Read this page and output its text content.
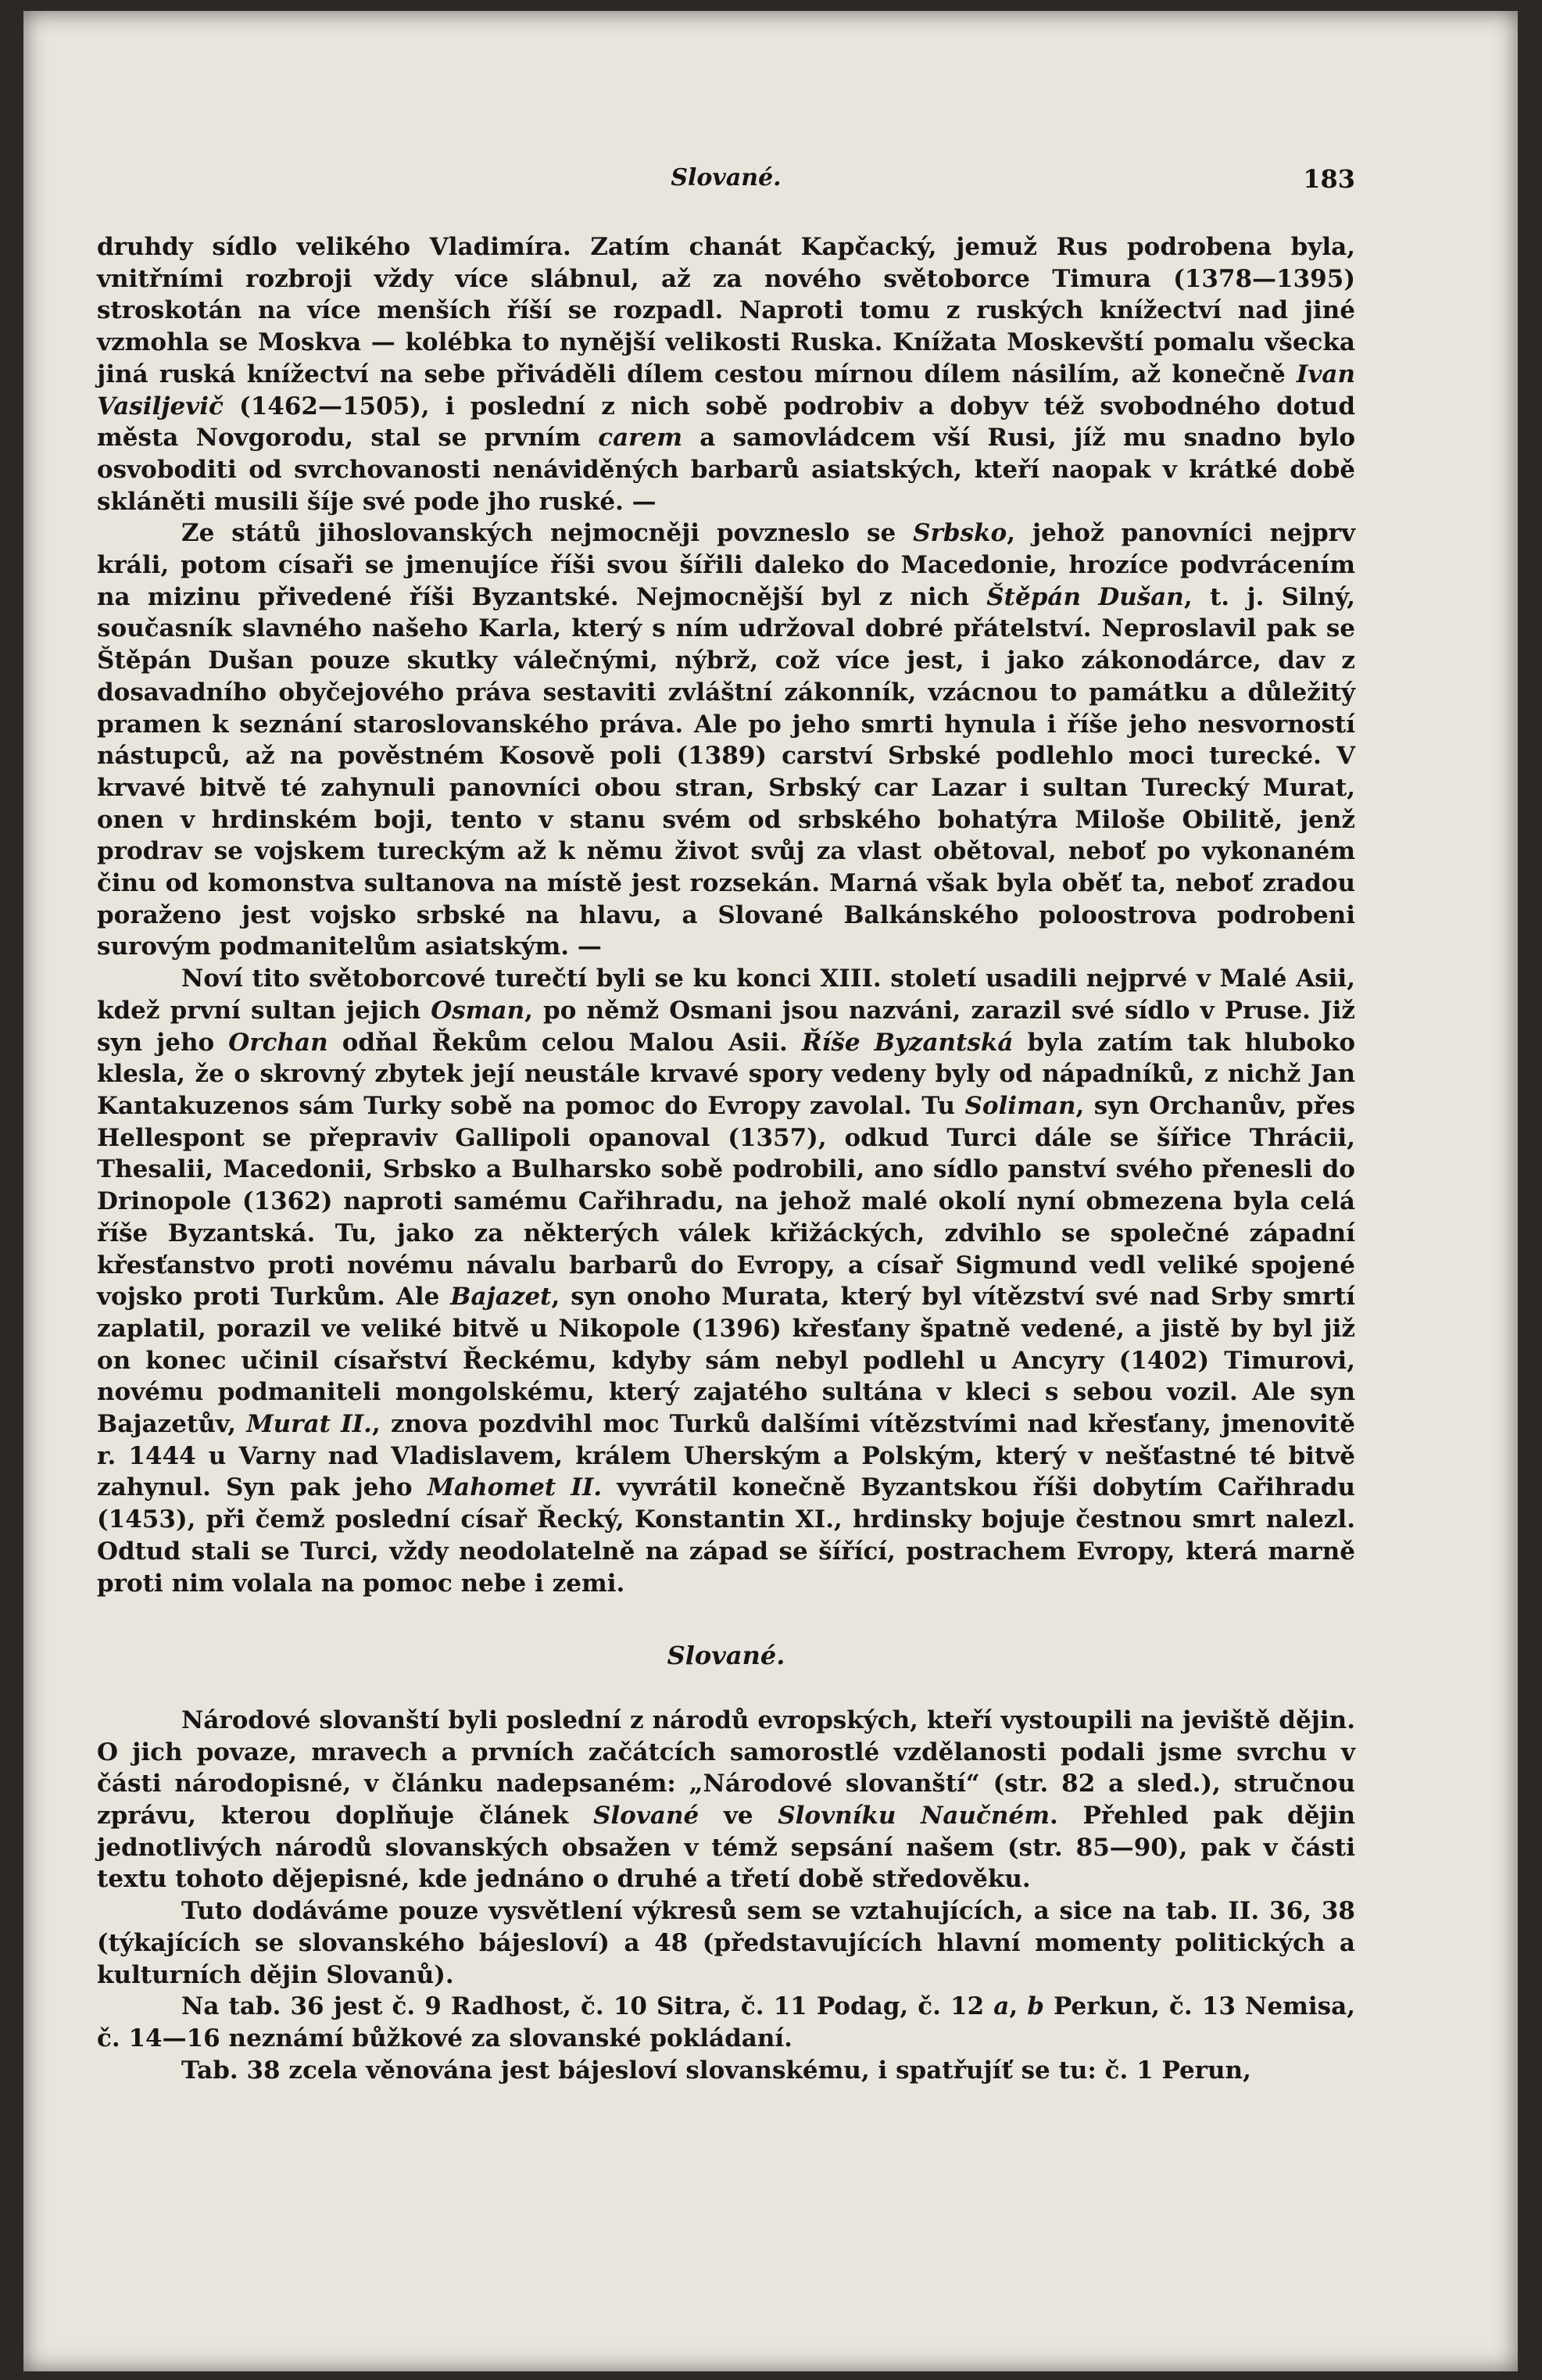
Slované.	183

druhdy sídlo velikého Vladimíra. Zatím chanát Kapčacký, jemuž Rus podrobena byla, vnitřními rozbroji vždy více slábnul, až za nového světoborce Timura (1378—1395) stroskotán na více menších říší se rozpadl. Naproti tomu z ruských knížectví nad jiné vzmohla se Moskva — kolébka to nynější velikosti Ruska. Knížata Moskevští pomalu všecka jiná ruská knížectví na sebe přiváděli dílem cestou mírnou dílem násilím, až konečně Ivan Vasiljevič (1462—1505), i poslední z nich sobě podrobiv a dobyv též svobodného dotud města Novgorodu, stal se prvním carem a samovládcem vší Rusi, jíž mu snadno bylo osvoboditi od svrchovanosti nenáviděných barbarů asiatských, kteří naopak v krátké době skláněti musili šíje své pode jho ruské. —

Ze států jihoslovanských nejmocněji povzneslo se Srbsko, jehož panovníci nejprv králi, potom císaři se jmenujíce říši svou šířili daleko do Macedonie, hrozíce podvrácením na mizinu přivedené říši Byzantské. Nejmocnější byl z nich Štěpán Dušan, t. j. Silný, současník slavného našeho Karla, který s ním udržoval dobré přátelství. Neproslavil pak se Štěpán Dušan pouze skutky válečnými, nýbrž, což více jest, i jako zákonodárce, dav z dosavadního obyčejového práva sestaviti zvláštní zákonník, vzácnou to památku a důležitý pramen k seznání staroslovanského práva. Ale po jeho smrti hynula i říše jeho nesvorností nástupců, až na pověstném Kosově poli (1389) carství Srbské podlehlo moci turecké. V krvavé bitvě té zahynuli panovníci obou stran, Srbský car Lazar i sultan Turecký Murat, onen v hrdinském boji, tento v stanu svém od srbského bohatýra Miloše Obilitě, jenž prodrav se vojskem tureckým až k němu život svůj za vlast obětoval, neboť po vykonaném činu od komonstva sultanova na místě jest rozsekán. Marná však byla oběť ta, neboť zradou poraženo jest vojsko srbské na hlavu, a Slované Balkánského poloostrova podrobeni surovým podmanitelům asiatským. —

Noví tito světoborcové turečtí byli se ku konci XIII. století usadili nejprvé v Malé Asii, kdež první sultan jejich Osman, po němž Osmani jsou nazváni, zarazil své sídlo v Pruse. Již syn jeho Orchan odňal Řekům celou Malou Asii. Říše Byzantská byla zatím tak hluboko klesla, že o skrovný zbytek její neustále krvavé spory vedeny byly od nápadníků, z nichž Jan Kantakuzenos sám Turky sobě na pomoc do Evropy zavolal. Tu Soliman, syn Orchanův, přes Hellespont se přepraviv Gallipoli opanoval (1357), odkud Turci dále se šířice Thrácii, Thesalii, Macedonii, Srbsko a Bulharsko sobě podrobili, ano sídlo panství svého přenesli do Drinopole (1362) naproti samému Cařihradu, na jehož malé okolí nyní obmezena byla celá říše Byzantská. Tu, jako za některých válek křižáckých, zdvihlo se společné západní křesťanstvo proti novému návalu barbarů do Evropy, a císař Sigmund vedl veliké spojené vojsko proti Turkům. Ale Bajazet, syn onoho Murata, který byl vítězství své nad Srby smrtí zaplatil, porazil ve veliké bitvě u Nikopole (1396) křesťany špatně vedené, a jistě by byl již on konec učinil císařství Řeckému, kdyby sám nebyl podlehl u Ancyry (1402) Timurovi, novému podmaniteli mongolskému, který zajatého sultána v kleci s sebou vozil. Ale syn Bajazetův, Murat II., znova pozdvihl moc Turků dalšími vítězstvími nad křesťany, jmenovitě r. 1444 u Varny nad Vladislavem, králem Uherským a Polským, který v nešťastné té bitvě zahynul. Syn pak jeho Mahomet II. vyvrátil konečně Byzantskou říši dobytím Cařihradu (1453), při čemž poslední císař Řecký, Konstantin XI., hrdinsky bojuje čestnou smrt nalezl. Odtud stali se Turci, vždy neodolatelně na západ se šířící, postrachem Evropy, která marně proti nim volala na pomoc nebe i zemi.

Slované.

Národové slovanští byli poslední z národů evropských, kteří vystoupili na jeviště dějin. O jich povaze, mravech a prvních začátcích samorostlé vzdělanosti podali jsme svrchu v části národopisné, v článku nadepsaném: „Národové slovanští“ (str. 82 a sled.), stručnou zprávu, kterou doplňuje článek Slované ve Slovníku Naučném. Přehled pak dějin jednotlivých národů slovanských obsažen v témž sepsání našem (str. 85—90), pak v části textu tohoto dějepisné, kde jednáno o druhé a třetí době středověku.

Tuto dodáváme pouze vysvětlení výkresů sem se vztahujících, a sice na tab. II. 36, 38 (týkajících se slovanského bájesloví) a 48 (představujících hlavní momenty politických a kulturních dějin Slovanů).

Na tab. 36 jest č. 9 Radhost, č. 10 Sitra, č. 11 Podag, č. 12 a, b Perkun, č. 13 Nemisa, č. 14—16 neznámí bůžkové za slovanské pokládaní.

Tab. 38 zcela věnována jest bájesloví slovanskému, i spatřujíť se tu: č. 1 Perun,
